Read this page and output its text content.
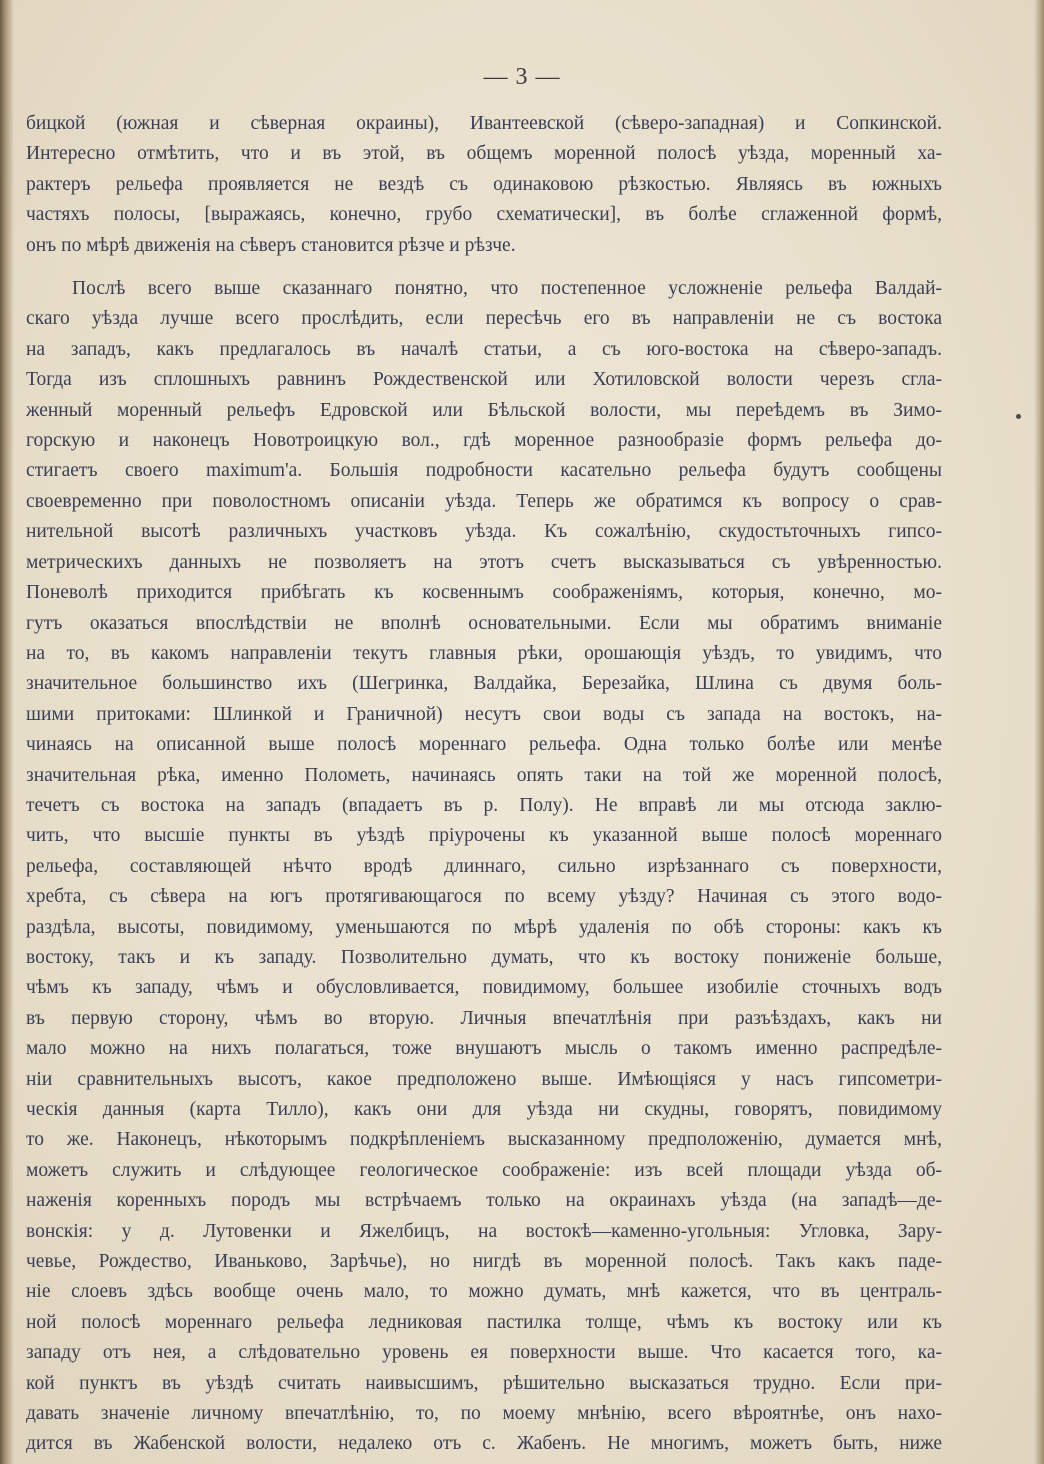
— 3 —

бицкой (южная и сѣверная окраины), Ивантеевской (сѣверо-западная) и Сопкинской.
Интересно отмѣтить, что и въ этой, въ общемъ моренной полосѣ уѣзда, моренный ха-
рактеръ рельефа проявляется не вездѣ съ одинаковою рѣзкостью. Являясь въ южныхъ
частяхъ полосы, [выражаясь, конечно, грубо схематически], въ болѣе сглаженной формѣ,
онъ по мѣрѣ движенія на сѣверъ становится рѣзче и рѣзче.

Послѣ всего выше сказаннаго понятно, что постепенное усложненіе рельефа Валдай-
скаго уѣзда лучше всего прослѣдить, если пересѣчь его въ направленіи не съ востока
на западъ, какъ предлагалось въ началѣ статьи, а съ юго-востока на сѣверо-западъ.
Тогда изъ сплошныхъ равнинъ Рождественской или Хотиловской волости черезъ сгла-
женный моренный рельефъ Едровской или Бѣльской волости, мы переѣдемъ въ Зимо-
горскую и наконецъ Новотроицкую вол., гдѣ моренное разнообразіе формъ рельефа до-
стигаетъ своего maximum'а. Большія подробности касательно рельефа будутъ сообщены
своевременно при поволостномъ описаніи уѣзда. Теперь же обратимся къ вопросу о срав-
нительной высотѣ различныхъ участковъ уѣзда. Къ сожалѣнію, скудостьточныхъ гипсо-
метрическихъ данныхъ не позволяетъ на этотъ счетъ высказываться съ увѣренностью.
Поневолѣ приходится прибѣгать къ косвеннымъ соображеніямъ, которыя, конечно, мо-
гутъ оказаться впослѣдствіи не вполнѣ основательными. Если мы обратимъ вниманіе
на то, въ какомъ направленіи текутъ главныя рѣки, орошающія уѣздъ, то увидимъ, что
значительное большинство ихъ (Шегринка, Валдайка, Березайка, Шлина съ двумя боль-
шими притоками: Шлинкой и Граничной) несутъ свои воды съ запада на востокъ, на-
чинаясь на описанной выше полосѣ мореннаго рельефа. Одна только болѣе или менѣе
значительная рѣка, именно Полометь, начинаясь опять таки на той же моренной полосѣ,
течетъ съ востока на западъ (впадаетъ въ р. Полу). Не вправѣ ли мы отсюда заклю-
чить, что высшіе пункты въ уѣздѣ пріурочены къ указанной выше полосѣ мореннаго
рельефа, составляющей нѣчто вродѣ длиннаго, сильно изрѣзаннаго съ поверхности,
хребта, съ сѣвера на югъ протягивающагося по всему уѣзду? Начиная съ этого водо-
раздѣла, высоты, повидимому, уменьшаются по мѣрѣ удаленія по обѣ стороны: какъ къ
востоку, такъ и къ западу. Позволительно думать, что къ востоку пониженіе больше,
чѣмъ къ западу, чѣмъ и обусловливается, повидимому, большее изобиліе сточныхъ водъ
въ первую сторону, чѣмъ во вторую. Личныя впечатлѣнія при разъѣздахъ, какъ ни
мало можно на нихъ полагаться, тоже внушаютъ мысль о такомъ именно распредѣле-
ніи сравнительныхъ высотъ, какое предположено выше. Имѣющіяся у насъ гипсометри-
ческія данныя (карта Тилло), какъ они для уѣзда ни скудны, говорятъ, повидимому
то же. Наконецъ, нѣкоторымъ подкрѣпленіемъ высказанному предположенію, думается мнѣ,
можетъ служить и слѣдующее геологическое соображеніе: изъ всей площади уѣзда об-
наженія коренныхъ породъ мы встрѣчаемъ только на окраинахъ уѣзда (на западѣ—де-
вонскія: у д. Лутовенки и Яжелбицъ, на востокѣ—каменно-угольныя: Угловка, Зару-
чевье, Рождество, Иваньково, Зарѣчье), но нигдѣ въ моренной полосѣ. Такъ какъ паде-
ніе слоевъ здѣсь вообще очень мало, то можно думать, мнѣ кажется, что въ централь-
ной полосѣ мореннаго рельефа ледниковая пастилка толще, чѣмъ къ востоку или къ
западу отъ нея, а слѣдовательно уровень ея поверхности выше. Что касается того, ка-
кой пунктъ въ уѣздѣ считать наивысшимъ, рѣшительно высказаться трудно. Если при-
давать значеніе личному впечатлѣнію, то, по моему мнѣнію, всего вѣроятнѣе, онъ нахо-
дится въ Жабенской волости, недалеко отъ с. Жабенъ. Не многимъ, можетъ быть, ниже
